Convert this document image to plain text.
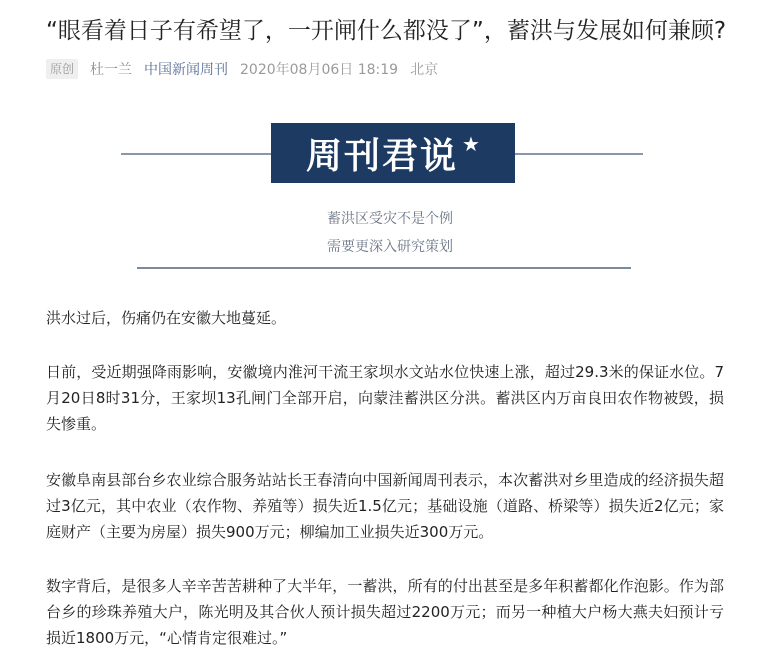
“眼看着日子有希望了，一开闸什么都没了”，蓄洪与发展如何兼顾?
原创 杜一兰 中国新闻周刊 2020年08月06日 18:19 北京
周刊君说 ★
蓄洪区受灾不是个例
需要更深入研究策划

洪水过后，伤痛仍在安徽大地蔓延。

日前，受近期强降雨影响，安徽境内淮河干流王家坝水文站水位快速上涨，超过29.3米的保证水位。7月20日8时31分，王家坝13孔闸门全部开启，向蒙洼蓄洪区分洪。蓄洪区内万亩良田农作物被毁，损失惨重。

安徽阜南县部台乡农业综合服务站站长王春清向中国新闻周刊表示，本次蓄洪对乡里造成的经济损失超过3亿元，其中农业（农作物、养殖等）损失近1.5亿元；基础设施（道路、桥梁等）损失近2亿元；家庭财产（主要为房屋）损失900万元；柳编加工业损失近300万元。

数字背后，是很多人辛辛苦苦耕种了大半年，一蓄洪，所有的付出甚至是多年积蓄都化作泡影。作为部台乡的珍珠养殖大户，陈光明及其合伙人预计损失超过2200万元；而另一种植大户杨大燕夫妇预计亏损近1800万元，“心情肯定很难过。”
